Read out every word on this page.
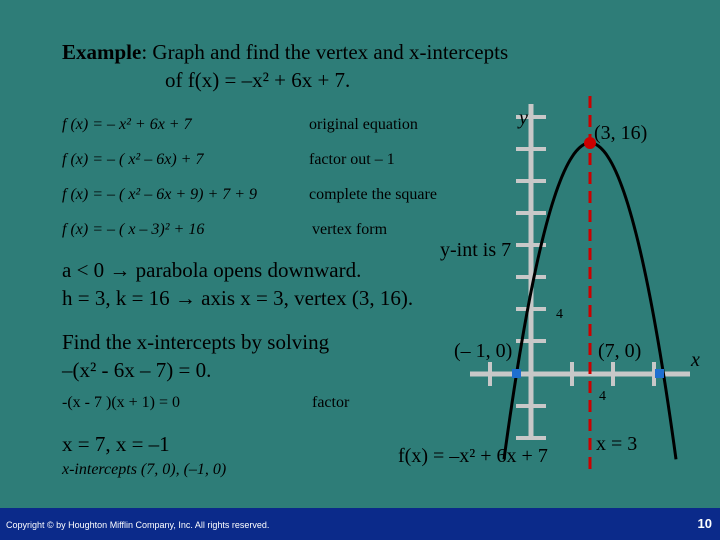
Example: Graph and find the vertex and x-intercepts
of f(x) = –x² + 6x + 7.
f (x) = – x² + 6x + 7	original equation
f (x) = – ( x² – 6x) + 7	factor out – 1
f (x) = – ( x² – 6x + 9) + 7 + 9	complete the square
f (x) = – ( x – 3)² + 16	vertex form
a < 0 → parabola opens downward.
h = 3, k = 16 → axis x = 3, vertex (3, 16).
Find the x-intercepts by solving
–(x² - 6x – 7) = 0.
-(x - 7 )(x + 1) = 0	factor
x = 7, x = –1
x-intercepts (7, 0), (–1, 0)
y
(3, 16)
y-int is 7
4
(– 1, 0)	(7, 0) x
4
f(x) = –x² + 6x + 7
x = 3
Copyright © by Houghton Mifflin Company, Inc. All rights reserved.	10
